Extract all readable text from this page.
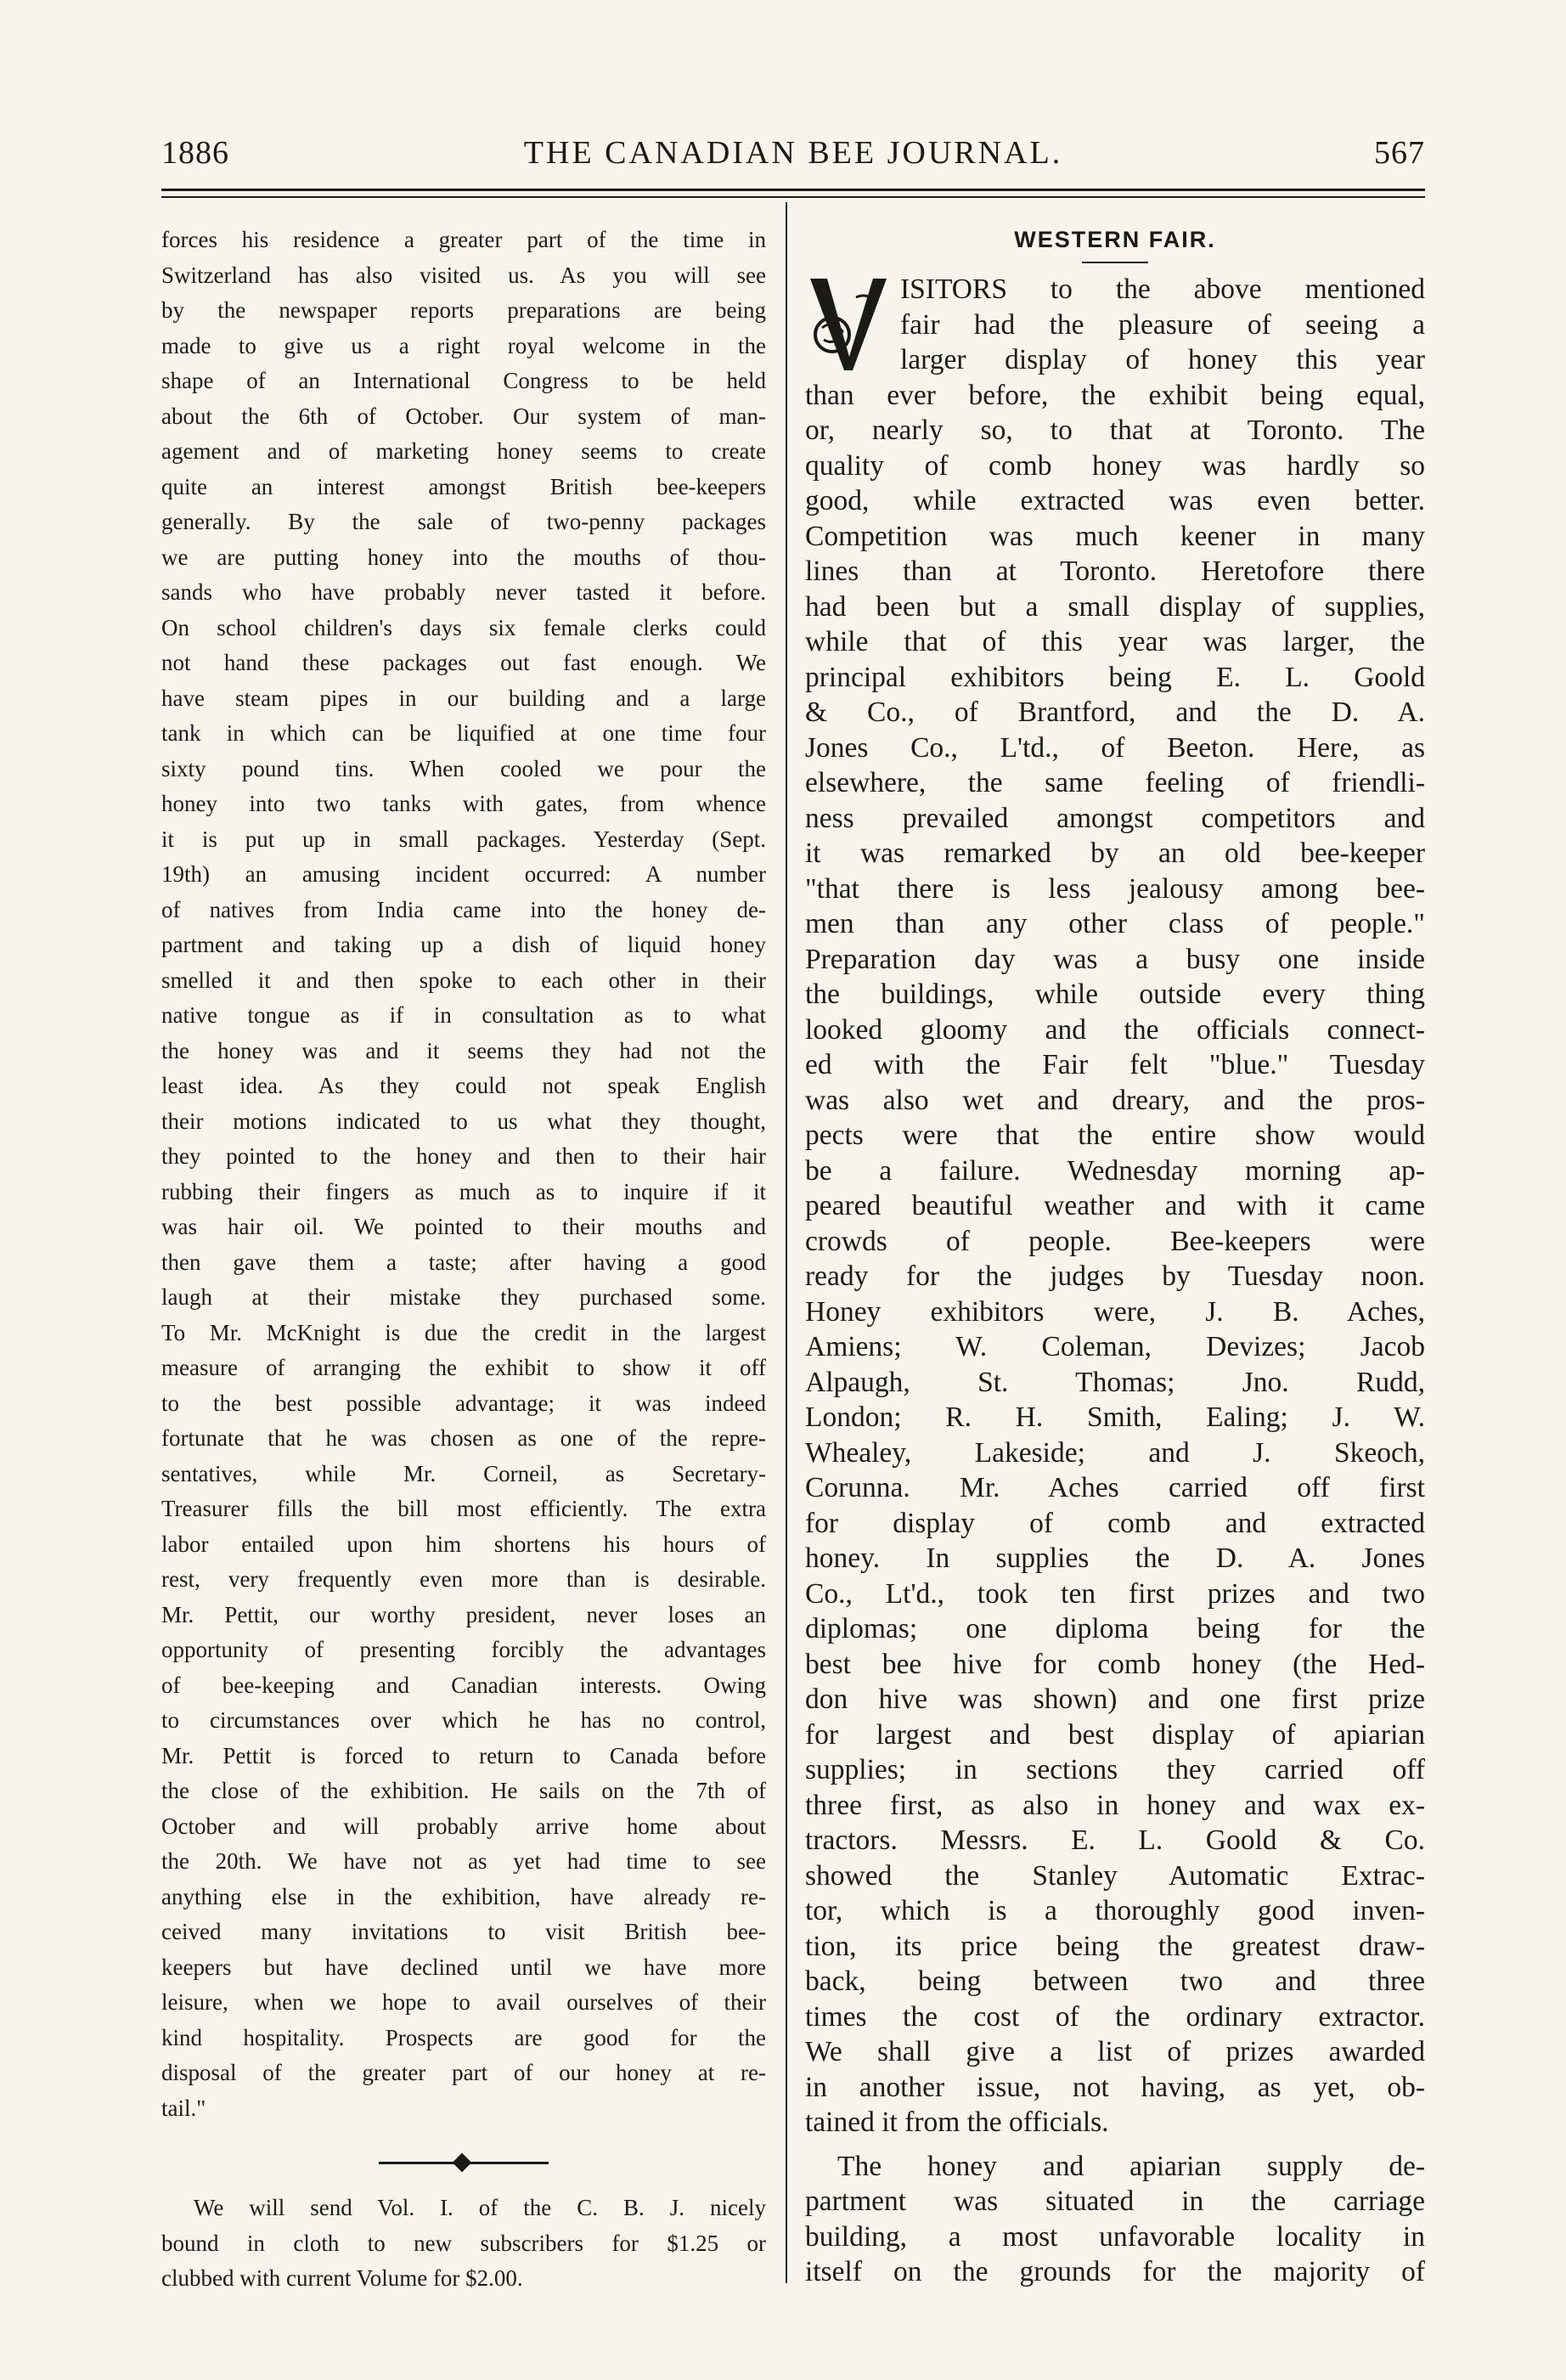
1886	THE CANADIAN BEE JOURNAL.	567
forces his residence a greater part of the time in
Switzerland has also visited us. As you will see
by the newspaper reports preparations are being
made to give us a right royal welcome in the
shape of an International Congress to be held
about the 6th of October. Our system of man-
agement and of marketing honey seems to create
quite an interest amongst British bee-keepers
generally. By the sale of two-penny packages
we are putting honey into the mouths of thou-
sands who have probably never tasted it before.
On school children's days six female clerks could
not hand these packages out fast enough. We
have steam pipes in our building and a large
tank in which can be liquified at one time four
sixty pound tins. When cooled we pour the
honey into two tanks with gates, from whence
it is put up in small packages. Yesterday (Sept.
19th) an amusing incident occurred: A number
of natives from India came into the honey de-
partment and taking up a dish of liquid honey
smelled it and then spoke to each other in their
native tongue as if in consultation as to what
the honey was and it seems they had not the
least idea. As they could not speak English
their motions indicated to us what they thought,
they pointed to the honey and then to their hair
rubbing their fingers as much as to inquire if it
was hair oil. We pointed to their mouths and
then gave them a taste; after having a good
laugh at their mistake they purchased some.
To Mr. McKnight is due the credit in the largest
measure of arranging the exhibit to show it off
to the best possible advantage; it was indeed
fortunate that he was chosen as one of the repre-
sentatives, while Mr. Corneil, as Secretary-
Treasurer fills the bill most efficiently. The extra
labor entailed upon him shortens his hours of
rest, very frequently even more than is desirable.
Mr. Pettit, our worthy president, never loses an
opportunity of presenting forcibly the advantages
of bee-keeping and Canadian interests. Owing
to circumstances over which he has no control,
Mr. Pettit is forced to return to Canada before
the close of the exhibition. He sails on the 7th of
October and will probably arrive home about
the 20th. We have not as yet had time to see
anything else in the exhibition, have already re-
ceived many invitations to visit British bee-
keepers but have declined until we have more
leisure, when we hope to avail ourselves of their
kind hospitality. Prospects are good for the
disposal of the greater part of our honey at re-
tail."
We will send Vol. I. of the C. B. J. nicely
bound in cloth to new subscribers for $1.25 or
clubbed with current Volume for $2.00.
WESTERN FAIR.
ISITORS to the above mentioned
fair had the pleasure of seeing a
larger display of honey this year
than ever before, the exhibit being equal,
or, nearly so, to that at Toronto. The
quality of comb honey was hardly so
good, while extracted was even better.
Competition was much keener in many
lines than at Toronto. Heretofore there
had been but a small display of supplies,
while that of this year was larger, the
principal exhibitors being E. L. Goold
& Co., of Brantford, and the D. A.
Jones Co., L'td., of Beeton. Here, as
elsewhere, the same feeling of friendli-
ness prevailed amongst competitors and
it was remarked by an old bee-keeper
"that there is less jealousy among bee-
men than any other class of people."
Preparation day was a busy one inside
the buildings, while outside every thing
looked gloomy and the officials connect-
ed with the Fair felt "blue." Tuesday
was also wet and dreary, and the pros-
pects were that the entire show would
be a failure. Wednesday morning ap-
peared beautiful weather and with it came
crowds of people. Bee-keepers were
ready for the judges by Tuesday noon.
Honey exhibitors were, J. B. Aches,
Amiens; W. Coleman, Devizes; Jacob
Alpaugh, St. Thomas; Jno. Rudd,
London; R. H. Smith, Ealing; J. W.
Whealey, Lakeside; and J. Skeoch,
Corunna. Mr. Aches carried off first
for display of comb and extracted
honey. In supplies the D. A. Jones
Co., Lt'd., took ten first prizes and two
diplomas; one diploma being for the
best bee hive for comb honey (the Hed-
don hive was shown) and one first prize
for largest and best display of apiarian
supplies; in sections they carried off
three first, as also in honey and wax ex-
tractors. Messrs. E. L. Goold & Co.
showed the Stanley Automatic Extrac-
tor, which is a thoroughly good inven-
tion, its price being the greatest draw-
back, being between two and three
times the cost of the ordinary extractor.
We shall give a list of prizes awarded
in another issue, not having, as yet, ob-
tained it from the officials.
The honey and apiarian supply de-
partment was situated in the carriage
building, a most unfavorable locality in
itself on the grounds for the majority of
